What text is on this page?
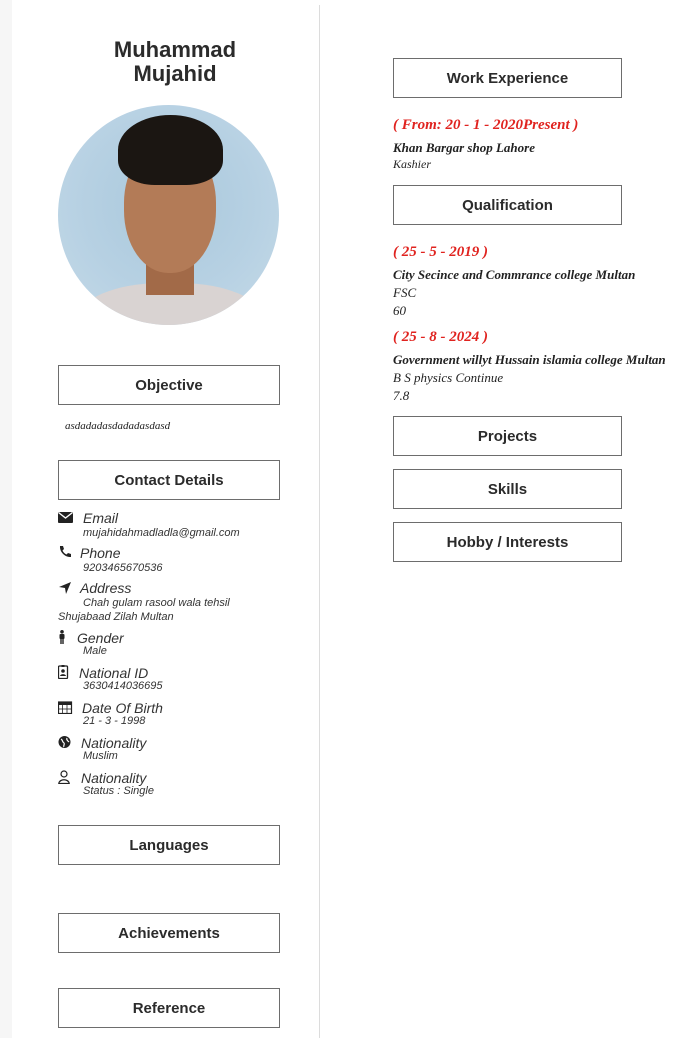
Muhammad
Mujahid
Objective
asdadadasdadadasdasd
Contact Details
Email
mujahidahmadladla@gmail.com
Phone
9203465670536
Address
Chah gulam rasool wala tehsil
Shujabaad Zilah Multan
Gender
Male
National ID
3630414036695
Date Of Birth
21 - 3 - 1998
Nationality
Muslim
Nationality
Status : Single
Languages
Achievements
Reference
Work Experience
( From: 20 - 1 - 2020Present )
Khan Bargar shop Lahore
Kashier
Qualification
( 25 - 5 - 2019 )
City Secince and Commrance college Multan
FSC
60
( 25 - 8 - 2024 )
Government willyt Hussain islamia college Multan
B S physics Continue
7.8
Projects
Skills
Hobby / Interests
